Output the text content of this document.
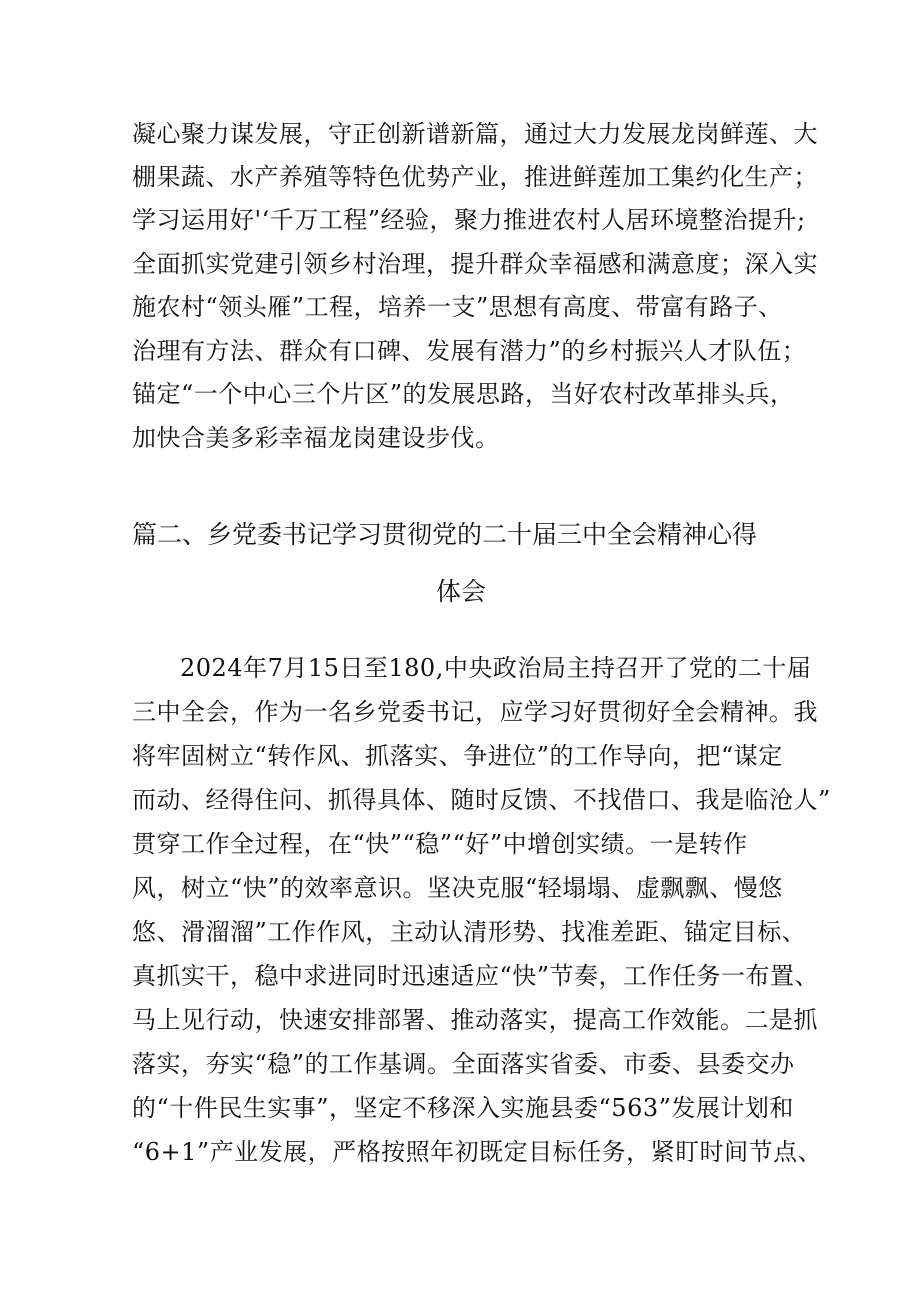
凝心聚力谋发展，守正创新谱新篇，通过大力发展龙岗鲜莲、大
棚果蔬、水产养殖等特色优势产业，推进鲜莲加工集约化生产；
学习运用好'‘千万工程”经验，聚力推进农村人居环境整治提升;
全面抓实党建引领乡村治理，提升群众幸福感和满意度；深入实
施农村“领头雁”工程，培养一支”思想有高度、带富有路子、
治理有方法、群众有口碑、发展有潜力”的乡村振兴人才队伍；
锚定“一个中心三个片区”的发展思路，当好农村改革排头兵，
加快合美多彩幸福龙岗建设步伐。
篇二、乡党委书记学习贯彻党的二十届三中全会精神心得
体会
2024年7月15日至180,中央政治局主持召开了党的二十届
三中全会，作为一名乡党委书记，应学习好贯彻好全会精神。我
将牢固树立“转作风、抓落实、争进位”的工作导向，把“谋定
而动、经得住问、抓得具体、随时反馈、不找借口、我是临沧人”
贯穿工作全过程，在“快”“稳”“好”中增创实绩。一是转作
风，树立“快”的效率意识。坚决克服“轻塌塌、虚飘飘、慢悠
悠、滑溜溜”工作作风，主动认清形势、找准差距、锚定目标、
真抓实干，稳中求进同时迅速适应“快”节奏，工作任务一布置、
马上见行动，快速安排部署、推动落实，提高工作效能。二是抓
落实，夯实“稳”的工作基调。全面落实省委、市委、县委交办
的“十件民生实事”，坚定不移深入实施县委“563”发展计划和
“6+1”产业发展，严格按照年初既定目标任务，紧盯时间节点、
